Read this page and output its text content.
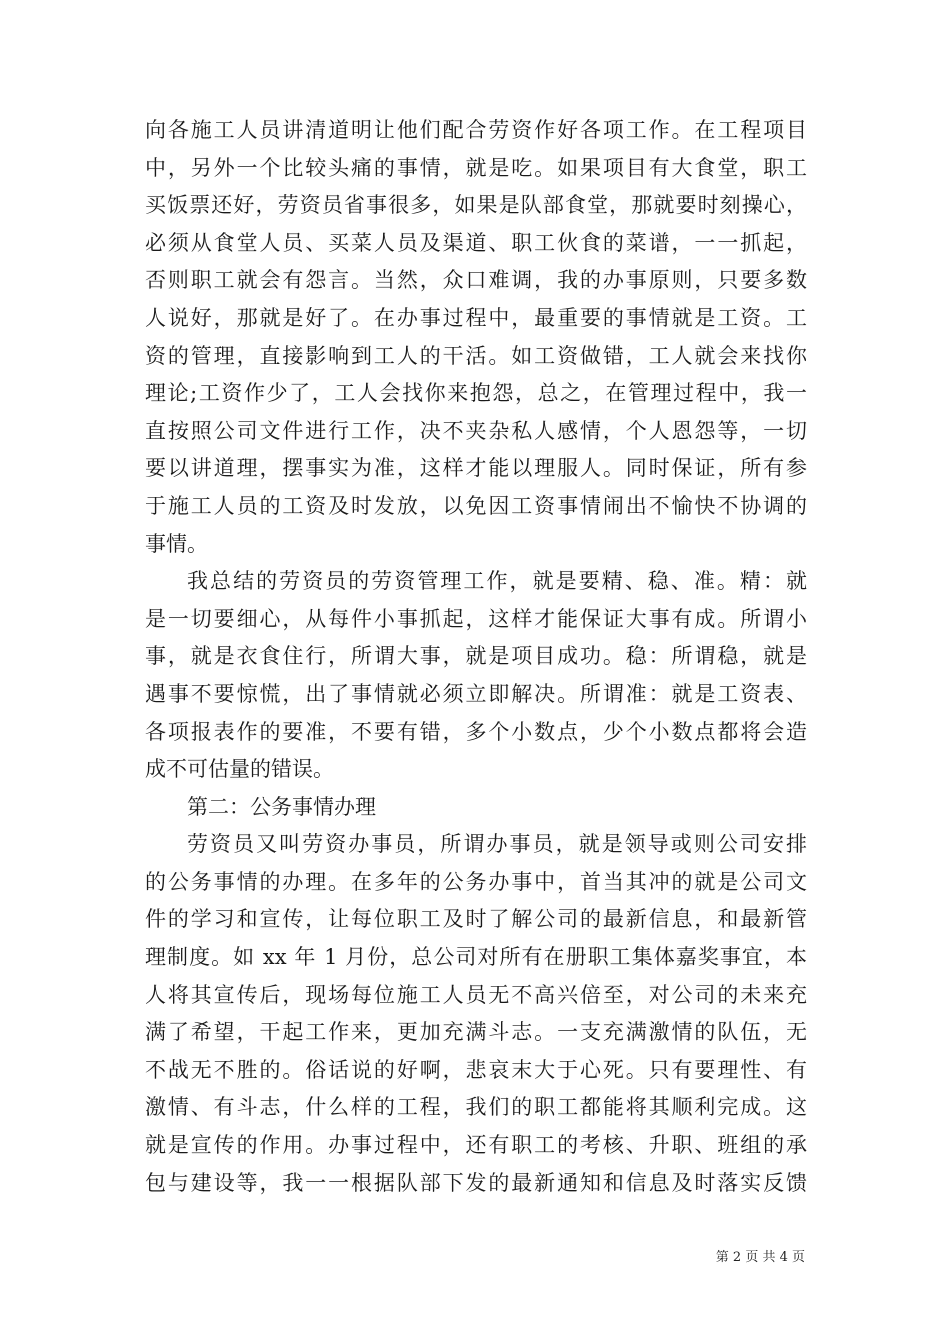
向各施工人员讲清道明让他们配合劳资作好各项工作。在工程项目
中，另外一个比较头痛的事情，就是吃。如果项目有大食堂，职工
买饭票还好，劳资员省事很多，如果是队部食堂，那就要时刻操心，
必须从食堂人员、买菜人员及渠道、职工伙食的菜谱，一一抓起，
否则职工就会有怨言。当然，众口难调，我的办事原则，只要多数
人说好，那就是好了。在办事过程中，最重要的事情就是工资。工
资的管理，直接影响到工人的干活。如工资做错，工人就会来找你
理论;工资作少了，工人会找你来抱怨，总之，在管理过程中，我一
直按照公司文件进行工作，决不夹杂私人感情，个人恩怨等，一切
要以讲道理，摆事实为准，这样才能以理服人。同时保证，所有参
于施工人员的工资及时发放，以免因工资事情闹出不愉快不协调的
事情。
我总结的劳资员的劳资管理工作，就是要精、稳、准。精：就
是一切要细心，从每件小事抓起，这样才能保证大事有成。所谓小
事，就是衣食住行，所谓大事，就是项目成功。稳：所谓稳，就是
遇事不要惊慌，出了事情就必须立即解决。所谓准：就是工资表、
各项报表作的要准，不要有错，多个小数点，少个小数点都将会造
成不可估量的错误。
第二：公务事情办理
劳资员又叫劳资办事员，所谓办事员，就是领导或则公司安排
的公务事情的办理。在多年的公务办事中，首当其冲的就是公司文
件的学习和宣传，让每位职工及时了解公司的最新信息，和最新管
理制度。如 xx 年 1 月份，总公司对所有在册职工集体嘉奖事宜，本
人将其宣传后，现场每位施工人员无不高兴倍至，对公司的未来充
满了希望，干起工作来，更加充满斗志。一支充满激情的队伍，无
不战无不胜的。俗话说的好啊，悲哀末大于心死。只有要理性、有
激情、有斗志，什么样的工程，我们的职工都能将其顺利完成。这
就是宣传的作用。办事过程中，还有职工的考核、升职、班组的承
包与建设等，我一一根据队部下发的最新通知和信息及时落实反馈
第 2 页 共 4 页
